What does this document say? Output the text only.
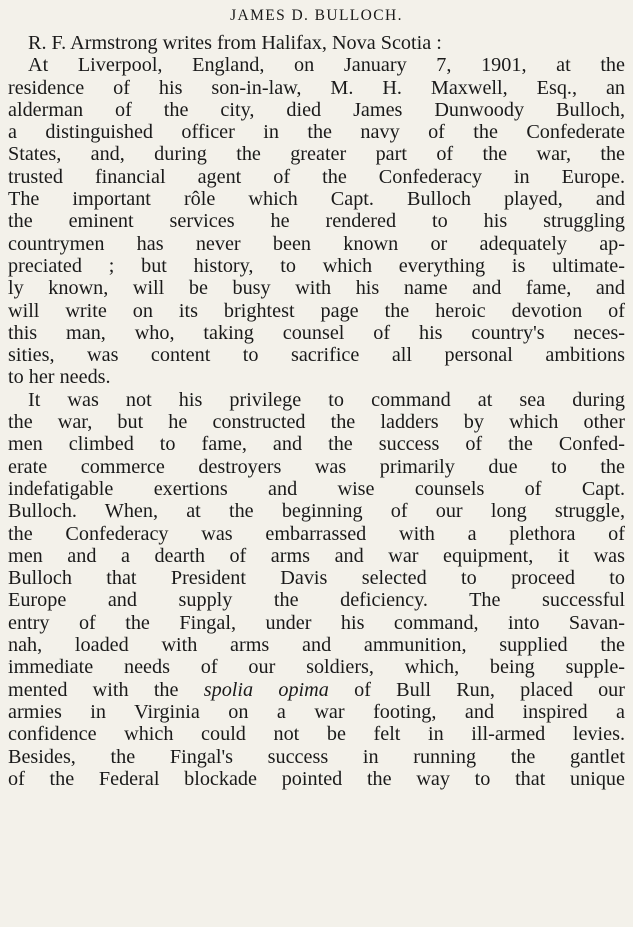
JAMES D. BULLOCH.
R. F. Armstrong writes from Halifax, Nova Scotia :
At Liverpool, England, on January 7, 1901, at the
residence of his son-in-law, M. H. Maxwell, Esq., an
alderman of the city, died James Dunwoody Bulloch,
a distinguished officer in the navy of the Confederate
States, and, during the greater part of the war, the
trusted financial agent of the Confederacy in Europe.
The important rôle which Capt. Bulloch played, and
the eminent services he rendered to his struggling
countrymen has never been known or adequately ap-
preciated ; but history, to which everything is ultimate-
ly known, will be busy with his name and fame, and
will write on its brightest page the heroic devotion of
this man, who, taking counsel of his country's neces-
sities, was content to sacrifice all personal ambitions
to her needs.
It was not his privilege to command at sea during
the war, but he constructed the ladders by which other
men climbed to fame, and the success of the Confed-
erate commerce destroyers was primarily due to the
indefatigable exertions and wise counsels of Capt.
Bulloch. When, at the beginning of our long struggle,
the Confederacy was embarrassed with a plethora of
men and a dearth of arms and war equipment, it was
Bulloch that President Davis selected to proceed to
Europe and supply the deficiency. The successful
entry of the Fingal, under his command, into Savan-
nah, loaded with arms and ammunition, supplied the
immediate needs of our soldiers, which, being supple-
mented with the spolia opima of Bull Run, placed our
armies in Virginia on a war footing, and inspired a
confidence which could not be felt in ill-armed levies.
Besides, the Fingal's success in running the gantlet
of the Federal blockade pointed the way to that unique
